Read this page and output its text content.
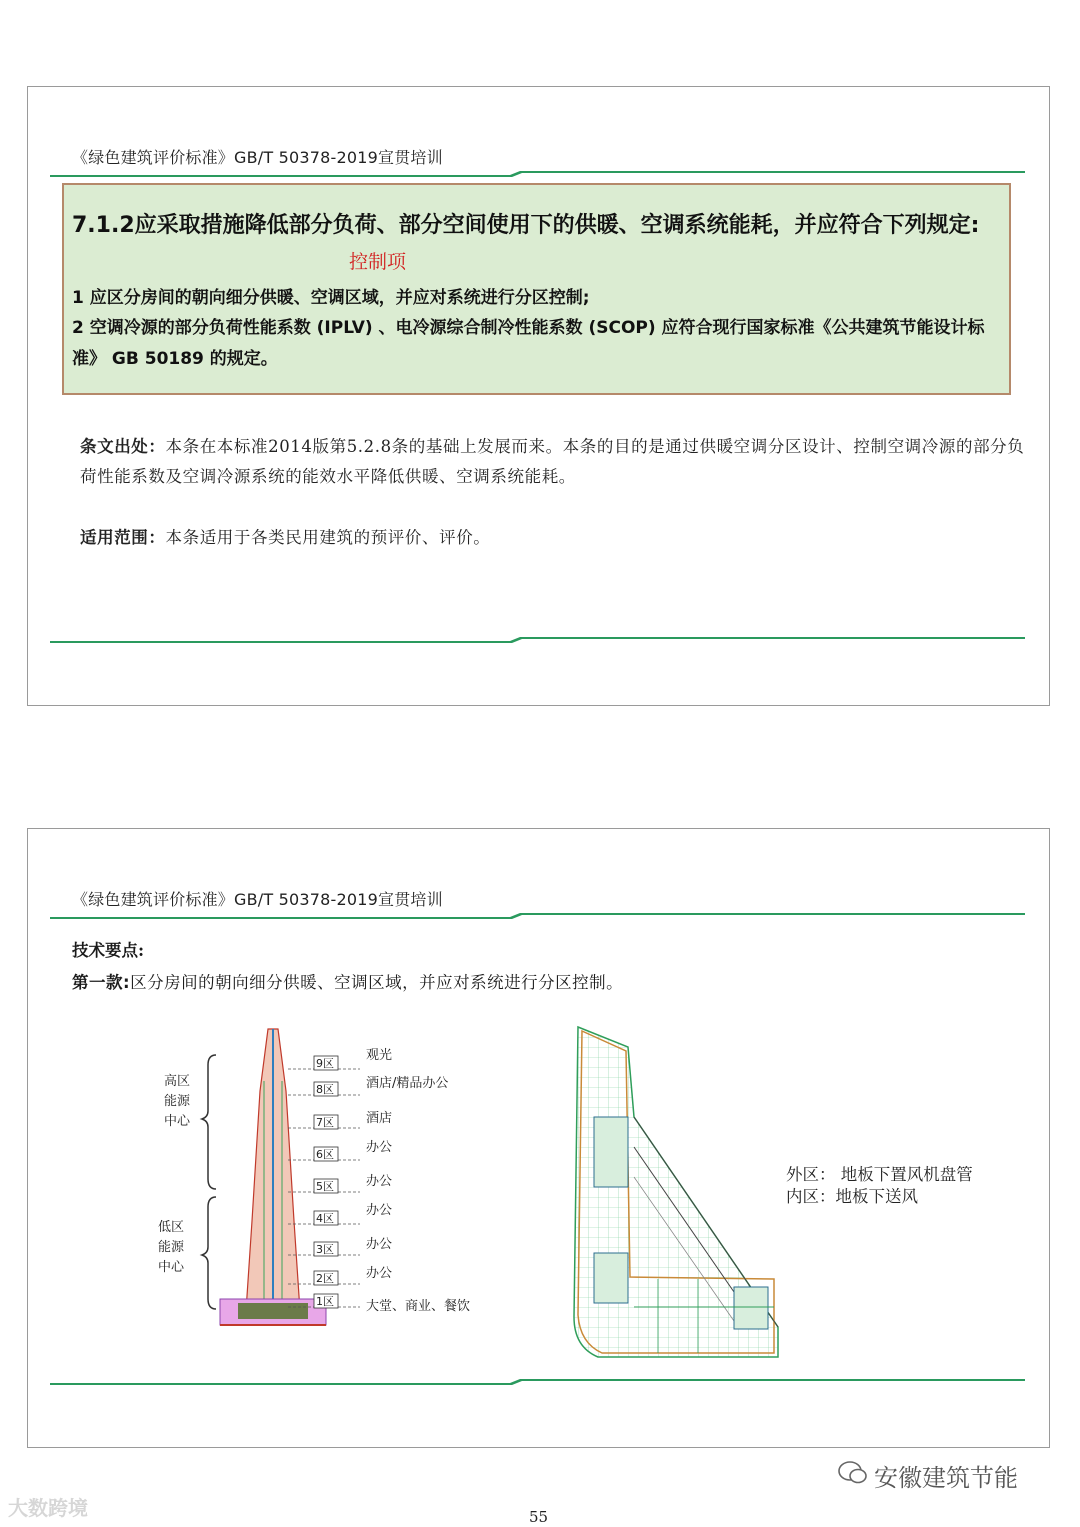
《绿色建筑评价标准》GB/T 50378-2019宣贯培训
7.1.2应采取措施降低部分负荷、部分空间使用下的供暖、空调系统能耗，并应符合下列规定:
控制项
1 应区分房间的朝向细分供暖、空调区域，并应对系统进行分区控制;
2 空调冷源的部分负荷性能系数 (IPLV) 、电冷源综合制冷性能系数 (SCOP) 应符合现行国家标准《公共建筑节能设计标准》 GB 50189 的规定。
条文出处：本条在本标准2014版第5.2.8条的基础上发展而来。本条的目的是通过供暖空调分区设计、控制空调冷源的部分负荷性能系数及空调冷源系统的能效水平降低供暖、空调系统能耗。
适用范围：本条适用于各类民用建筑的预评价、评价。
《绿色建筑评价标准》GB/T 50378-2019宣贯培训
技术要点:
第一款:区分房间的朝向细分供暖、空调区域，并应对系统进行分区控制。
高区
能源
中心
低区
能源
中心
9区
观光
8区 酒店/精品办公
7区 酒店
6区 办公
5区 办公
4区
办公
3区 办公
2区 办公
1区 大堂、商业、餐饮
外区： 地板下置风机盘管
内区：地板下送风
大数跨境
安徽建筑节能
55
